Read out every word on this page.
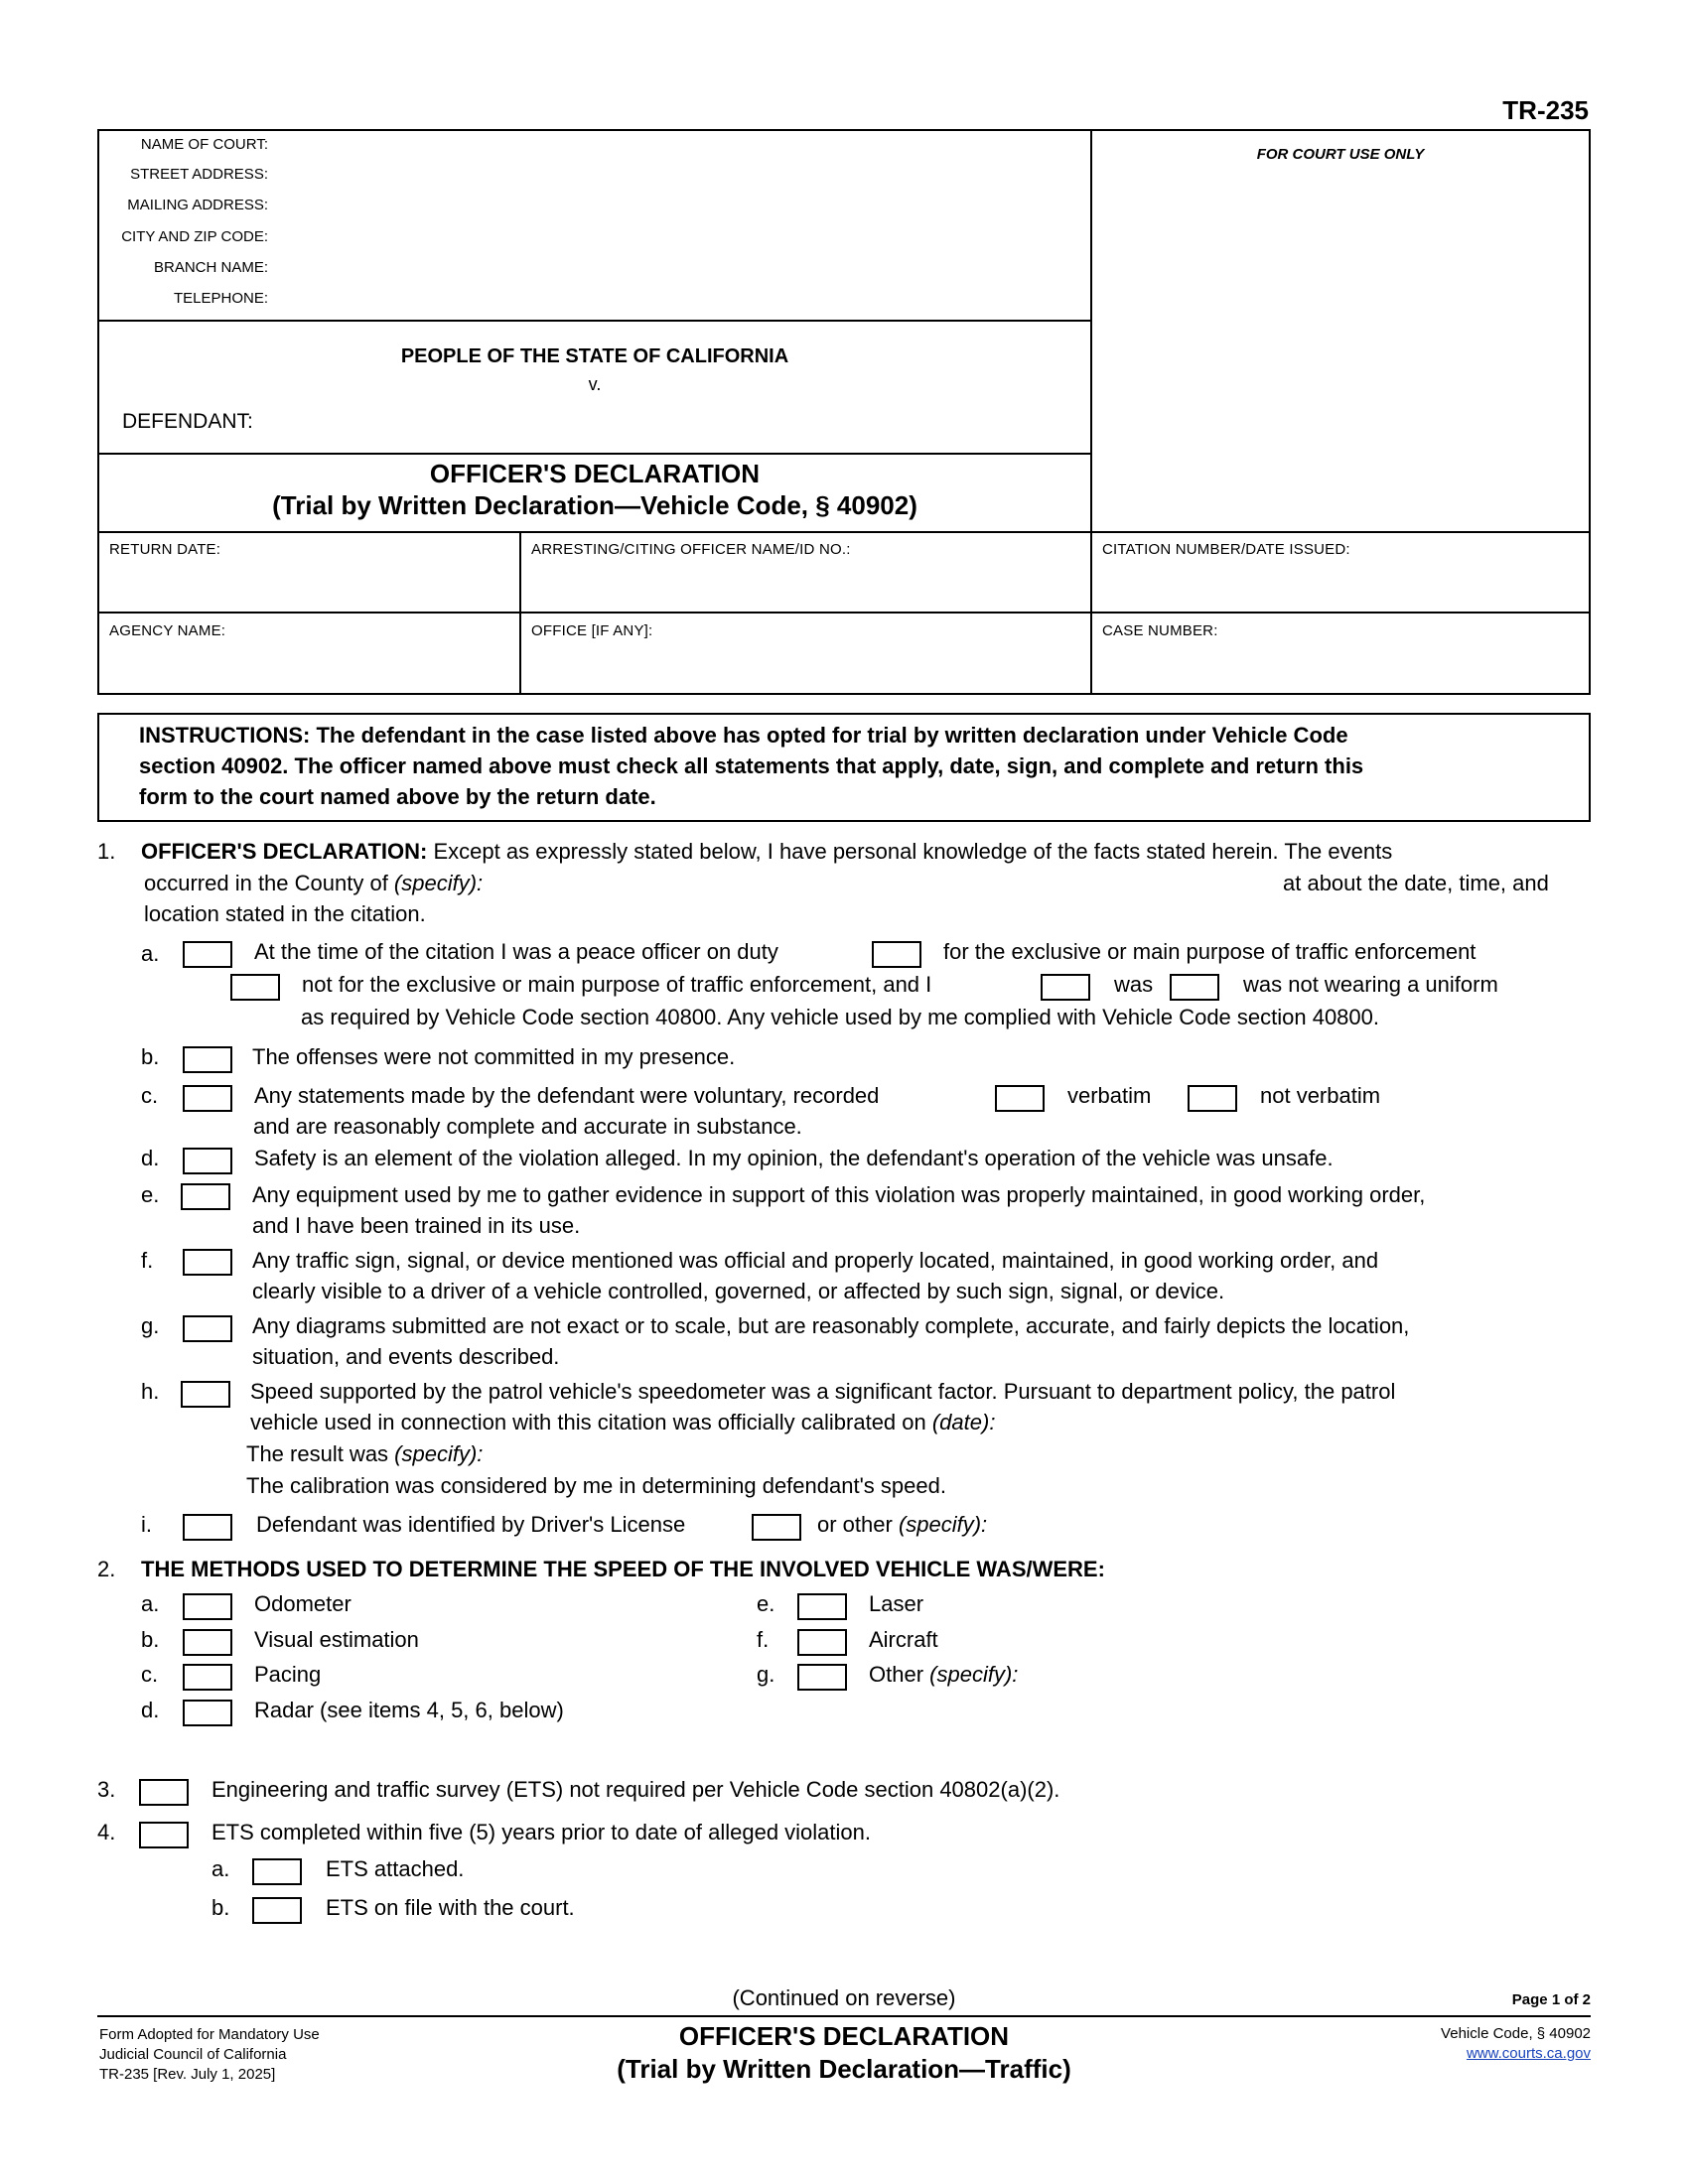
TR-235
NAME OF COURT:
STREET ADDRESS:
MAILING ADDRESS:
CITY AND ZIP CODE:
BRANCH NAME:
TELEPHONE:
FOR COURT USE ONLY
PEOPLE OF THE STATE OF CALIFORNIA
v.
DEFENDANT:
OFFICER'S DECLARATION
(Trial by Written Declaration—Vehicle Code, § 40902)
RETURN DATE:	ARRESTING/CITING OFFICER NAME/ID NO.:	CITATION NUMBER/DATE ISSUED:
AGENCY NAME:	OFFICE [IF ANY]:	CASE NUMBER:
INSTRUCTIONS: The defendant in the case listed above has opted for trial by written declaration under Vehicle Code
section 40902. The officer named above must check all statements that apply, date, sign, and complete and return this
form to the court named above by the return date.
1. OFFICER'S DECLARATION: Except as expressly stated below, I have personal knowledge of the facts stated herein. The events
occurred in the County of (specify):	at about the date, time, and
location stated in the citation.
a.	At the time of the citation I was a peace officer on duty	for the exclusive or main purpose of traffic enforcement
not for the exclusive or main purpose of traffic enforcement, and I	was	was not wearing a uniform
as required by Vehicle Code section 40800. Any vehicle used by me complied with Vehicle Code section 40800.
b.	The offenses were not committed in my presence.
c.	Any statements made by the defendant were voluntary, recorded	verbatim	not verbatim
and are reasonably complete and accurate in substance.
d.	Safety is an element of the violation alleged. In my opinion, the defendant's operation of the vehicle was unsafe.
e.	Any equipment used by me to gather evidence in support of this violation was properly maintained, in good working order,
and I have been trained in its use.
f.	Any traffic sign, signal, or device mentioned was official and properly located, maintained, in good working order, and
clearly visible to a driver of a vehicle controlled, governed, or affected by such sign, signal, or device.
g.	Any diagrams submitted are not exact or to scale, but are reasonably complete, accurate, and fairly depicts the location,
situation, and events described.
h.	Speed supported by the patrol vehicle's speedometer was a significant factor. Pursuant to department policy, the patrol
vehicle used in connection with this citation was officially calibrated on (date):
The result was (specify):
The calibration was considered by me in determining defendant's speed.
i.	Defendant was identified by Driver's License	or other (specify):
2. THE METHODS USED TO DETERMINE THE SPEED OF THE INVOLVED VEHICLE WAS/WERE:
a.	Odometer
b.	Visual estimation
c.	Pacing
d.	Radar (see items 4, 5, 6, below)
e.	Laser
f.	Aircraft
g.	Other (specify):
3.	Engineering and traffic survey (ETS) not required per Vehicle Code section 40802(a)(2).
4.	ETS completed within five (5) years prior to date of alleged violation.
a.	ETS attached.
b.	ETS on file with the court.
(Continued on reverse)	Page 1 of 2
Form Adopted for Mandatory Use
Judicial Council of California
TR-235 [Rev. July 1, 2025]
OFFICER'S DECLARATION
(Trial by Written Declaration—Traffic)
Vehicle Code, § 40902
www.courts.ca.gov
